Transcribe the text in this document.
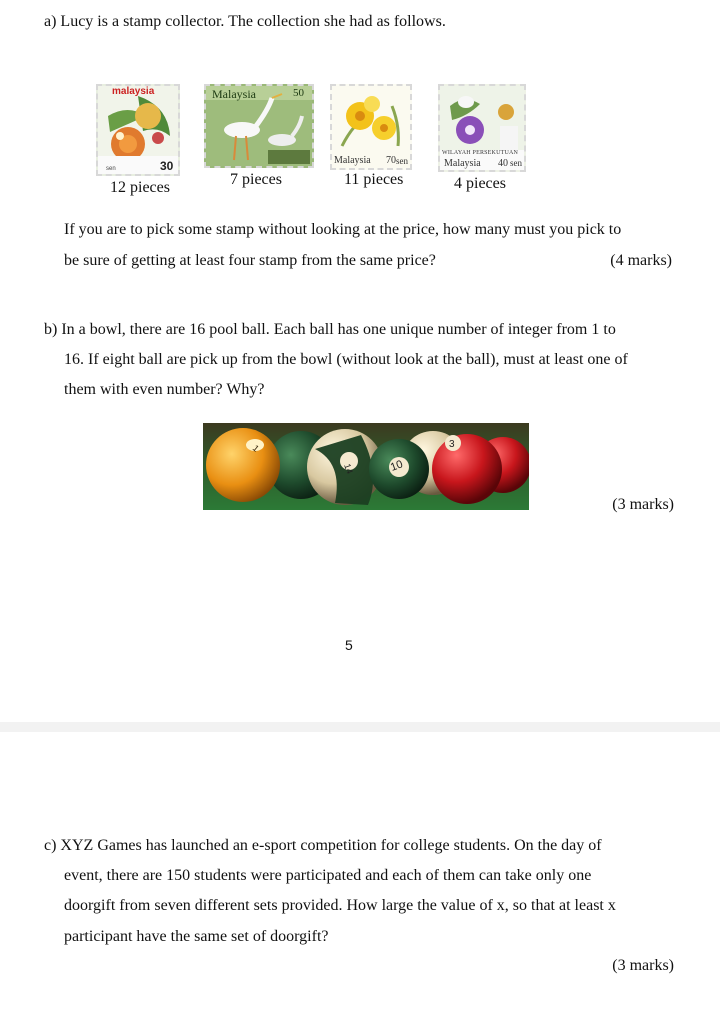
a) Lucy is a stamp collector. The collection she had as follows.
30
sen
malaysia
12 pieces
Malaysia	50
7 pieces
Malaysia 70 sen
11 pieces
WILAYAH PERSEKUTUAN
Malaysia 40 sen
4 pieces
If you are to pick some stamp without looking at the price, how many must you pick to
be sure of getting at least four stamp from the same price?	(4 marks)
b) In a bowl, there are 16 pool ball. Each ball has one unique number of integer from 1 to
16. If eight ball are pick up from the bowl (without look at the ball), must at least one of
them with even number? Why?
1
14	10
3
(3 marks)
5
c) XYZ Games has launched an e-sport competition for college students. On the day of
event, there are 150 students were participated and each of them can take only one
doorgift from seven different sets provided. How large the value of x, so that at least x
participant have the same set of doorgift?
(3 marks)
